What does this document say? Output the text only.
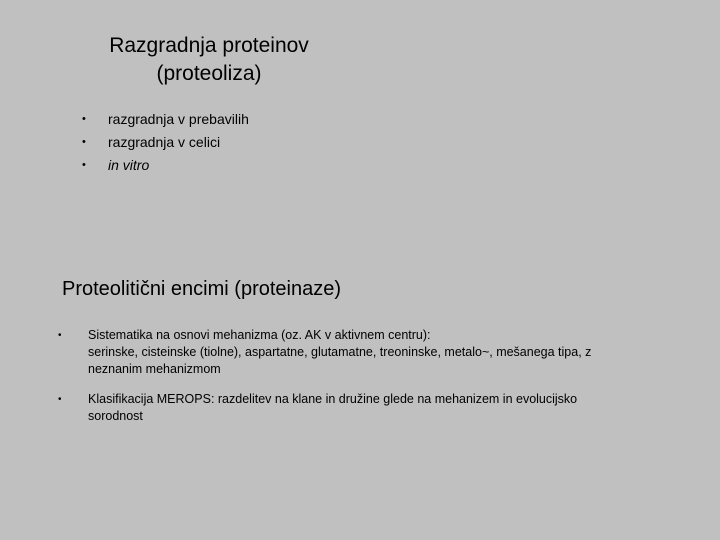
Razgradnja proteinov
(proteoliza)
• razgradnja v prebavilih
• razgradnja v celici
• in vitro
Proteolitični encimi (proteinaze)
• Sistematika na osnovi mehanizma (oz. AK v aktivnem centru):
serinske, cisteinske (tiolne), aspartatne, glutamatne, treoninske, metalo~, mešanega tipa, z
neznanim mehanizmom
• Klasifikacija MEROPS: razdelitev na klane in družine glede na mehanizem in evolucijsko
sorodnost
